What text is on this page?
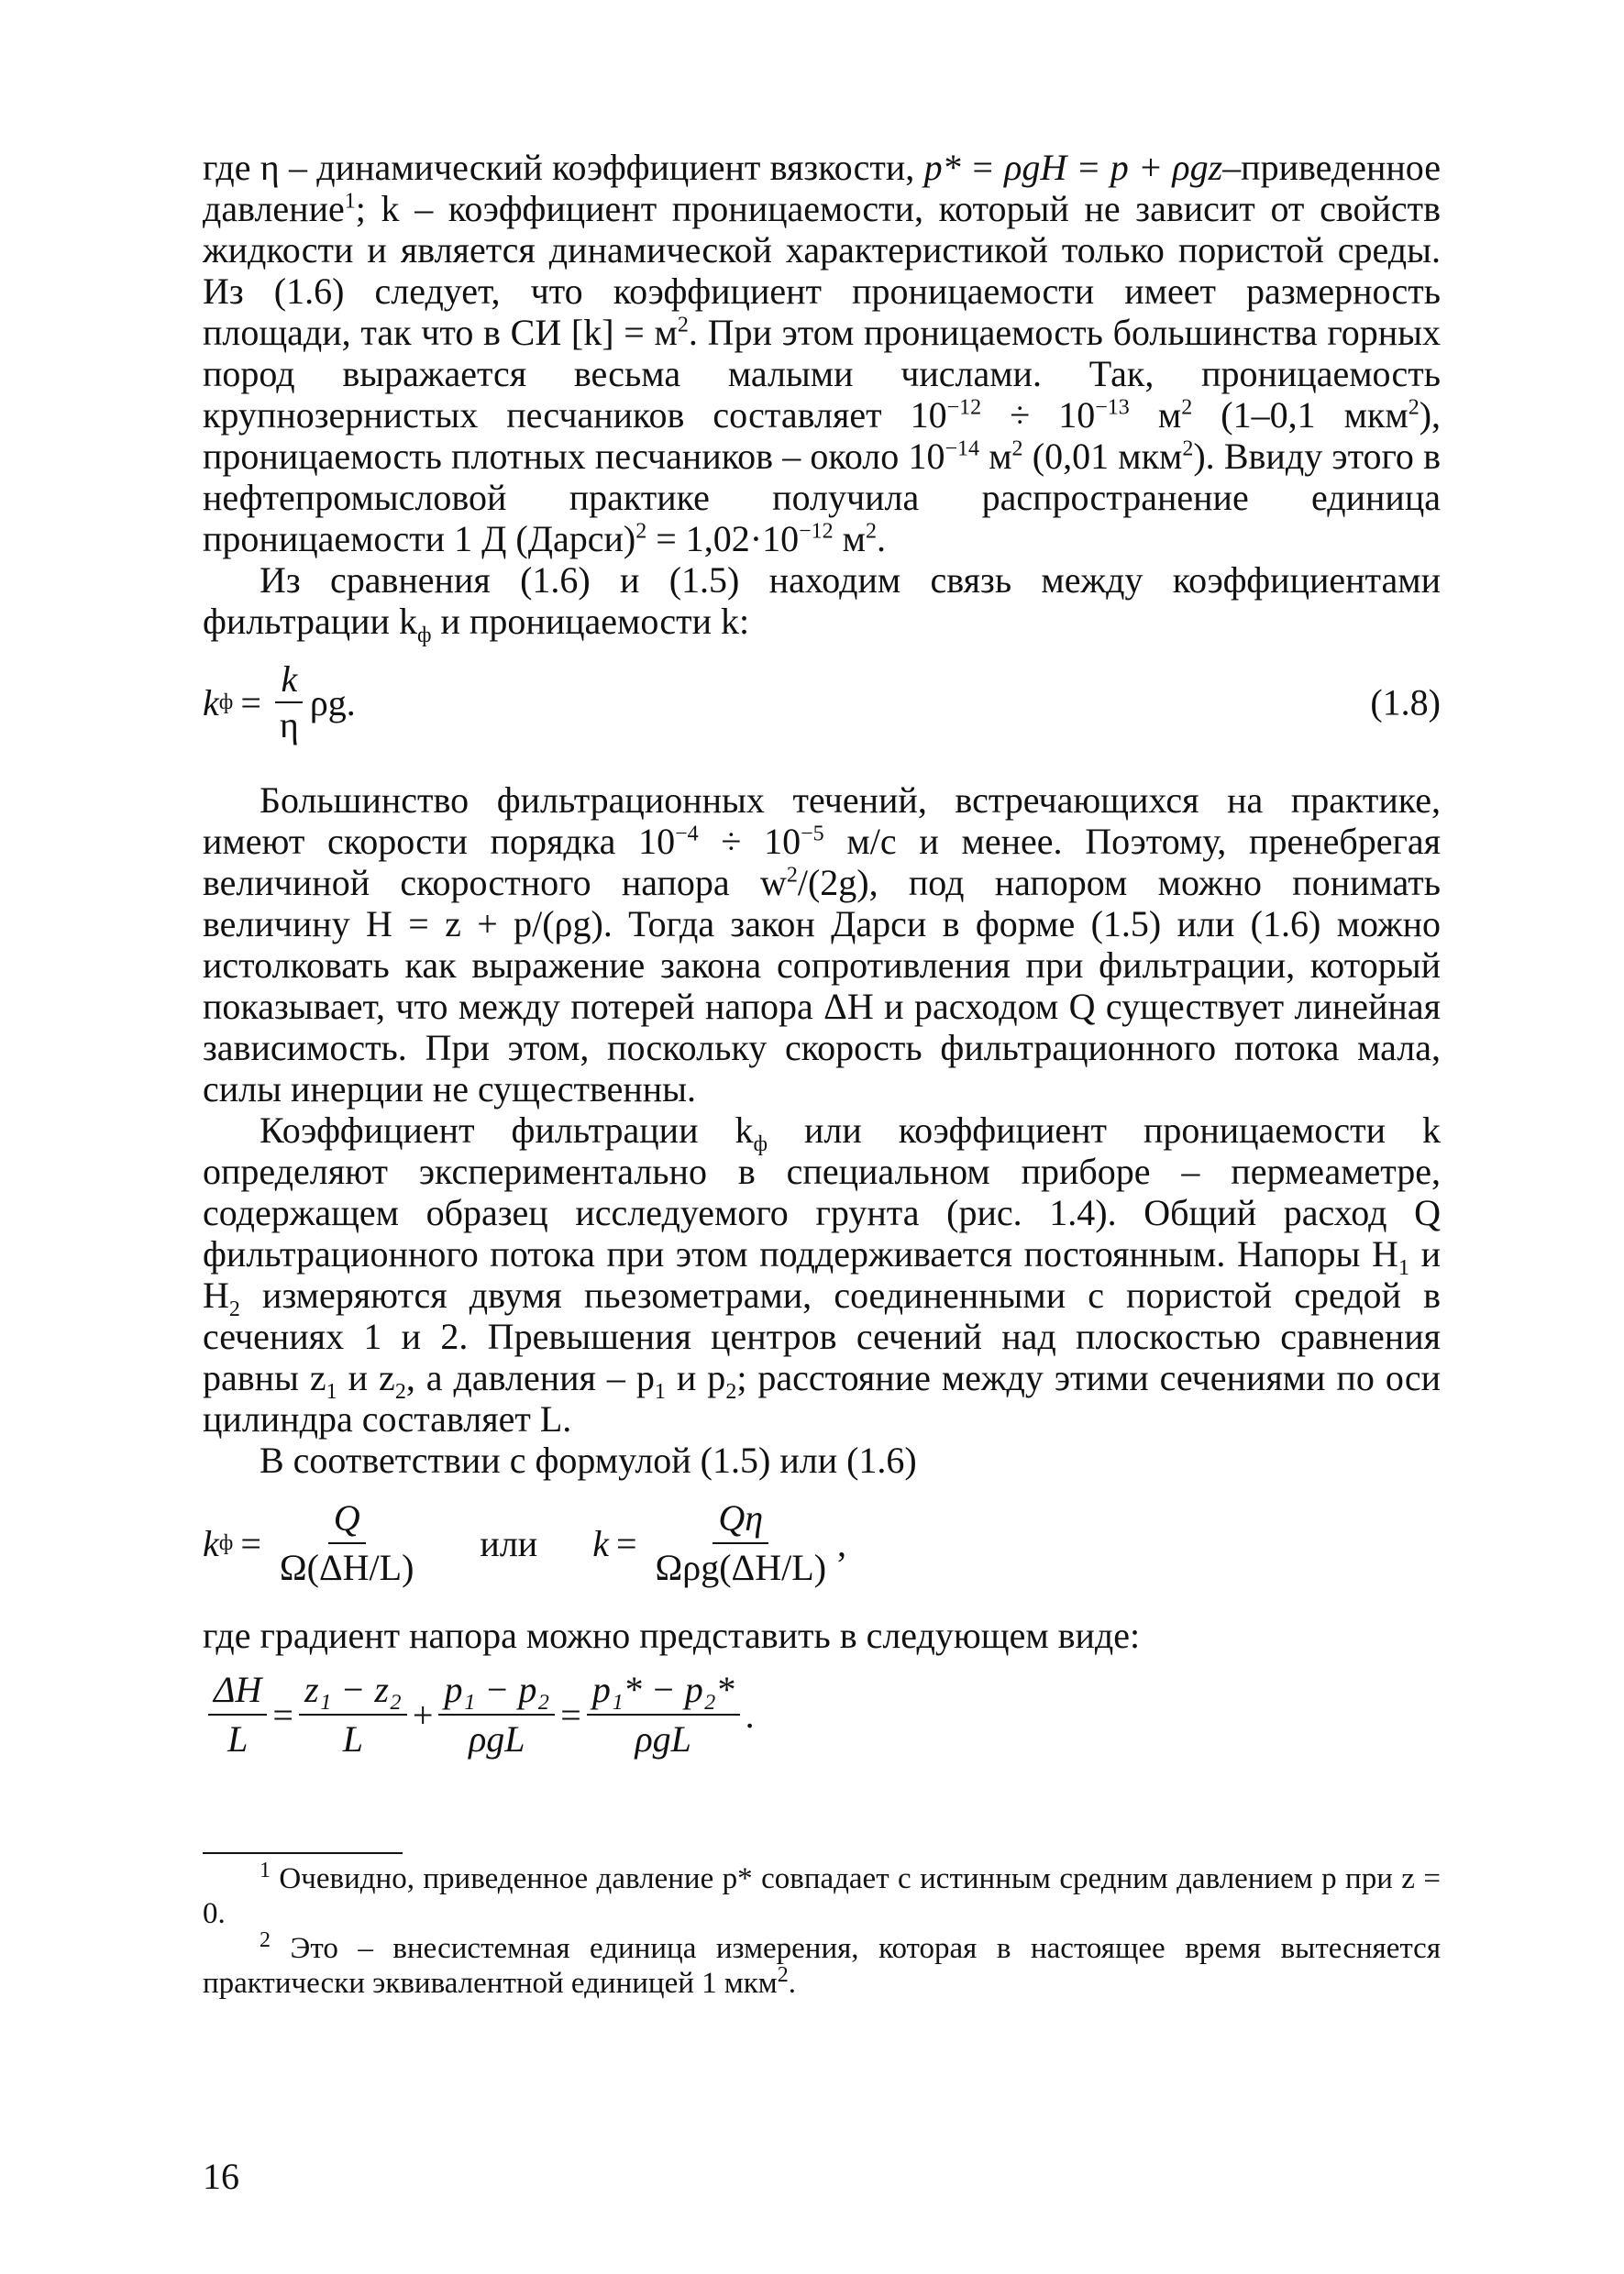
где η – динамический коэффициент вязкости, p* = ρgH = p + ρgz–приведенное давление$^1$; k – коэффициент проницаемости, который не зависит от свойств жидкости и является динамической характеристикой только пористой среды. Из (1.6) следует, что коэффициент проницаемости имеет размерность площади, так что в СИ $[k] = м^2$. При этом проницаемость большинства горных пород выражается весьма малыми числами. Так, проницаемость крупнозернистых песчаников составляет $10^{-12} \div 10^{-13}$ $м^2$ (1–0,1 мкм$^2$), проницаемость плотных песчаников – около $10^{-14}$ $м^2$ (0,01 мкм$^2$). Ввиду этого в нефтепромысловой практике получила распространение единица проницаемости 1 Д (Дарси)$^2$ = $1,02\cdot 10^{-12}$ $м^2$.

Из сравнения (1.6) и (1.5) находим связь между коэффициентами фильтрации $k_ф$ и проницаемости k:

k $ф = \frac{k}{\eta} \rho g$.	(1.8)

Большинство фильтрационных течений, встречающихся на практике, имеют скорости порядка $10^{-4} \div 10^{-5}$ м/с и менее. Поэтому, пренебрегая величиной скоростного напора $w^2/(2g)$, под напором можно понимать величину H = z + p/(ρg). Тогда закон Дарси в форме (1.5) или (1.6) можно истолковать как выражение закона сопротивления при фильтрации, который показывает, что между потерей напора ΔH и расходом Q существует линейная зависимость. При этом, поскольку скорость фильтрационного потока мала, силы инерции не существенны.

Коэффициент фильтрации $k_ф$ или коэффициент проницаемости k определяют экспериментально в специальном приборе – пермеаметре, содержащем образец исследуемого грунта (рис. 1.4). Общий расход Q фильтрационного потока при этом поддерживается постоянным. Напоры $H_1$ и $H_2$ измеряются двумя пьезометрами, соединенными с пористой средой в сечениях 1 и 2. Превышения центров сечений над плоскостью сравнения равны $z_1$ и $z_2$, а давления – $p_1$ и $p_2$; расстояние между этими сечениями по оси цилиндра составляет L.

В соответствии с формулой (1.5) или (1.6)

k $ф = \frac{Q}{\Omega(\Delta H/L)}$ или $k = \frac{Q\eta}{\text{Ωρg(ΔH/L)}}$ ,

где градиент напора можно представить в следующем виде:

$\frac{\Delta H}{L} = \frac{\text{z₁ − z₂}}{L} + \frac{\text{p₁ − p₂}}{\text{ρgL}} = \frac{\text{p₁* − p₂*}}{\text{ρgL}}$ .

$^1$ Очевидно, приведенное давление p* совпадает с истинным средним давлением p при z = 0.

$^2$ Это – внесистемная единица измерения, которая в настоящее время вытесняется практически эквивалентной единицей 1 мкм$^2$.

16
